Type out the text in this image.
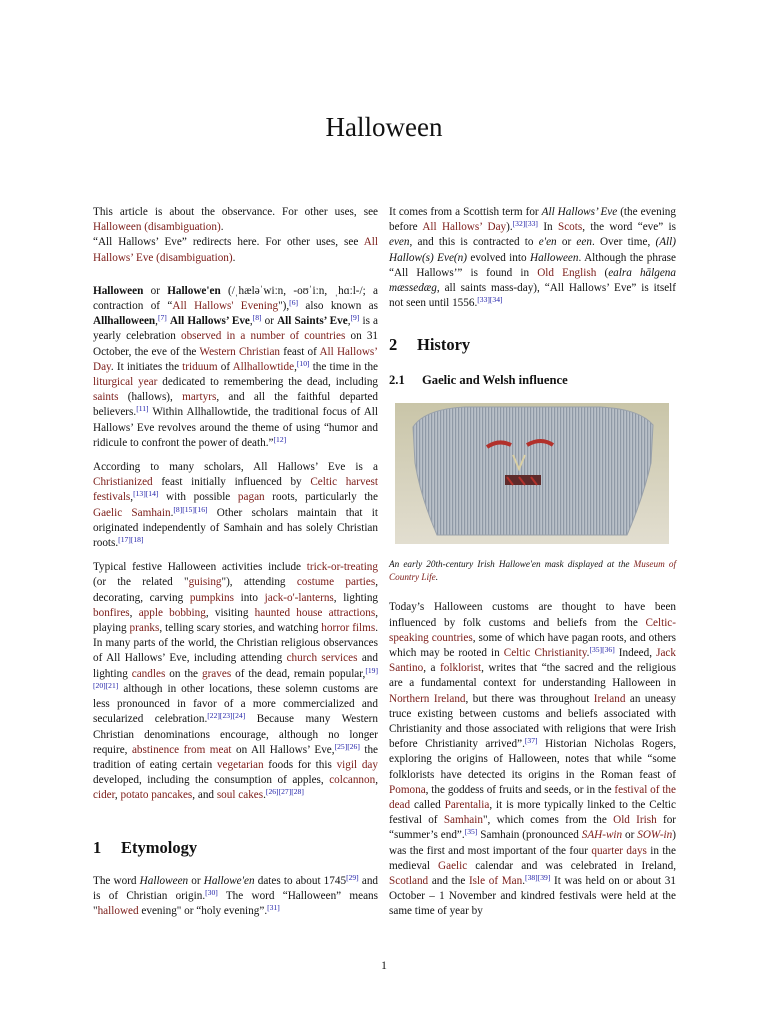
Halloween

This article is about the observance. For other uses, see Halloween (disambiguation).

“All Hallows’ Eve” redirects here. For other uses, see All Hallows’ Eve (disambiguation).

Halloween or Hallowe'en (/ˌhæləˈwiːn, -oʊˈiːn, ˌhɑːl-/; a contraction of “All Hallows' Evening"),[6] also known as Allhalloween,[7] All Hallows’ Eve,[8] or All Saints’ Eve,[9] is a yearly celebration observed in a number of countries on 31 October, the eve of the Western Christian feast of All Hallows’ Day. It initiates the triduum of Allhallowtide,[10] the time in the liturgical year dedicated to remembering the dead, including saints (hallows), martyrs, and all the faithful departed believers.[11] Within Allhallowtide, the traditional focus of All Hallows’ Eve revolves around the theme of using “humor and ridicule to confront the power of death.”[12]

According to many scholars, All Hallows’ Eve is a Christianized feast initially influenced by Celtic harvest festivals,[13][14] with possible pagan roots, particularly the Gaelic Samhain.[8][15][16] Other scholars maintain that it originated independently of Samhain and has solely Christian roots.[17][18]

Typical festive Halloween activities include trick-or-treating (or the related "guising"), attending costume parties, decorating, carving pumpkins into jack-o'-lanterns, lighting bonfires, apple bobbing, visiting haunted house attractions, playing pranks, telling scary stories, and watching horror films. In many parts of the world, the Christian religious observances of All Hallows’ Eve, including attending church services and lighting candles on the graves of the dead, remain popular,[19][20][21] although in other locations, these solemn customs are less pronounced in favor of a more commercialized and secularized celebration.[22][23][24] Because many Western Christian denominations encourage, although no longer require, abstinence from meat on All Hallows’ Eve,[25][26] the tradition of eating certain vegetarian foods for this vigil day developed, including the consumption of apples, colcannon, cider, potato pancakes, and soul cakes.[26][27][28]

1 Etymology

The word Halloween or Hallowe'en dates to about 1745[29] and is of Christian origin.[30] The word “Halloween” means "hallowed evening" or “holy evening”.[31]

It comes from a Scottish term for All Hallows’ Eve (the evening before All Hallows’ Day).[32][33] In Scots, the word “eve” is even, and this is contracted to e'en or een. Over time, (All) Hallow(s) Eve(n) evolved into Halloween. Although the phrase “All Hallows’” is found in Old English (ealra hālgena mæssedæg, all saints mass-day), “All Hallows’ Eve” is itself not seen until 1556.[33][34]

2 History
2.1 Gaelic and Welsh influence

An early 20th-century Irish Hallowe'en mask displayed at the Museum of Country Life.

Today’s Halloween customs are thought to have been influenced by folk customs and beliefs from the Celtic-speaking countries, some of which have pagan roots, and others which may be rooted in Celtic Christianity.[35][36] Indeed, Jack Santino, a folklorist, writes that “the sacred and the religious are a fundamental context for understanding Halloween in Northern Ireland, but there was throughout Ireland an uneasy truce existing between customs and beliefs associated with Christianity and those associated with religions that were Irish before Christianity arrived”.[37] Historian Nicholas Rogers, exploring the origins of Halloween, notes that while “some folklorists have detected its origins in the Roman feast of Pomona, the goddess of fruits and seeds, or in the festival of the dead called Parentalia, it is more typically linked to the Celtic festival of Samhain", which comes from the Old Irish for “summer’s end”.[35] Samhain (pronounced SAH-win or SOW-in) was the first and most important of the four quarter days in the medieval Gaelic calendar and was celebrated in Ireland, Scotland and the Isle of Man.[38][39] It was held on or about 31 October – 1 November and kindred festivals were held at the same time of year by

1
